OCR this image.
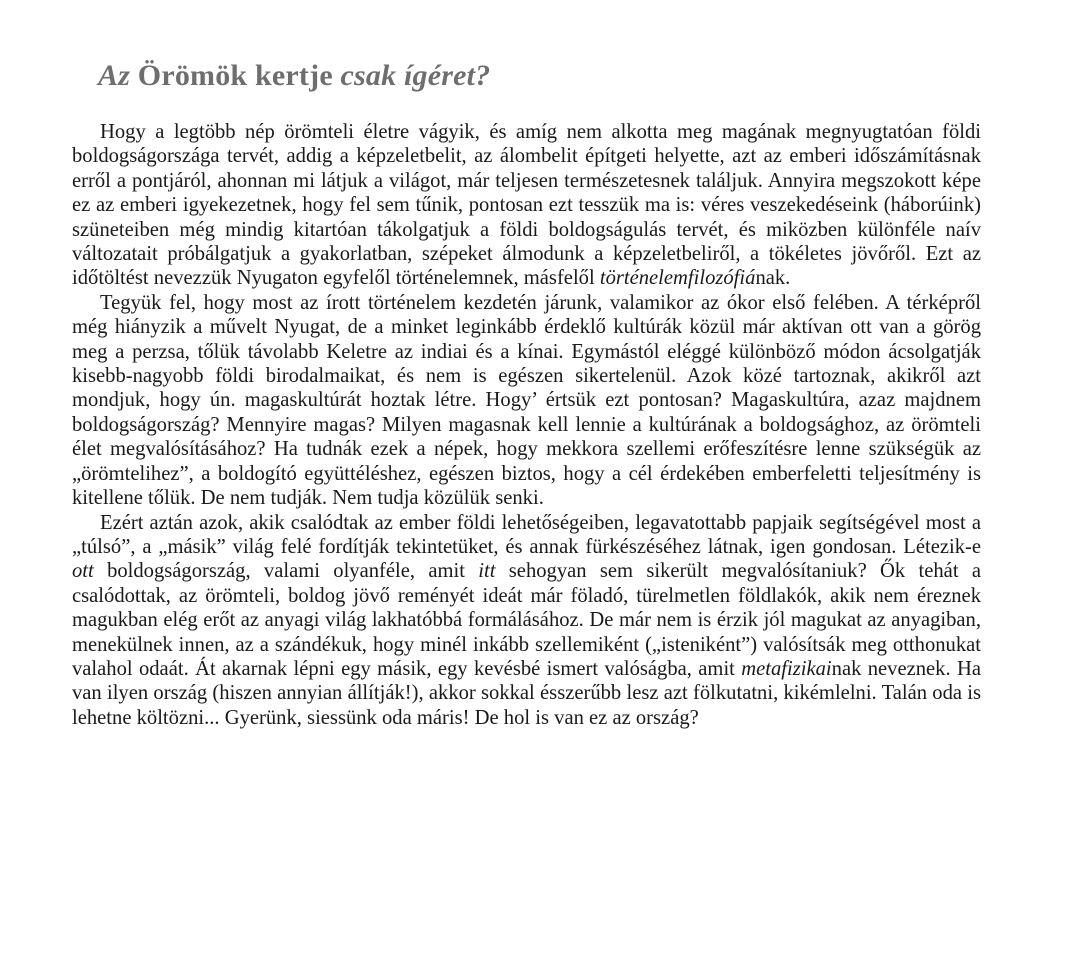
Az Örömök kertje csak ígéret?

Hogy a legtöbb nép örömteli életre vágyik, és amíg nem alkotta meg magának megnyugtatóan földi boldogságországa tervét, addig a képzeletbelit, az álombelit építgeti helyette, azt az emberi időszámításnak erről a pontjáról, ahonnan mi látjuk a világot, már teljesen természetesnek találjuk. Annyira megszokott képe ez az emberi igyekezetnek, hogy fel sem tűnik, pontosan ezt tesszük ma is: véres veszekedéseink (háborúink) szüneteiben még mindig kitartóan tákolgatjuk a földi boldogságulás tervét, és miközben különféle naív változatait próbálgatjuk a gyakorlatban, szépeket álmodunk a képzeletbeliről, a tökéletes jövőről. Ezt az időtöltést nevezzük Nyugaton egyfelől történelemnek, másfelől történelemfilozófiának.

Tegyük fel, hogy most az írott történelem kezdetén járunk, valamikor az ókor első felében. A térképről még hiányzik a művelt Nyugat, de a minket leginkább érdeklő kultúrák közül már aktívan ott van a görög meg a perzsa, tőlük távolabb Keletre az indiai és a kínai. Egymástól eléggé különböző módon ácsolgatják kisebb-nagyobb földi birodalmaikat, és nem is egészen sikertelenül. Azok közé tartoznak, akikről azt mondjuk, hogy ún. magaskultúrát hoztak létre. Hogy’ értsük ezt pontosan? Magaskultúra, azaz majdnem boldogságország? Mennyire magas? Milyen magasnak kell lennie a kultúrának a boldogsághoz, az örömteli élet megvalósításához? Ha tudnák ezek a népek, hogy mekkora szellemi erőfeszítésre lenne szükségük az „örömtelihez”, a boldogító együttéléshez, egészen biztos, hogy a cél érdekében emberfeletti teljesítmény is kitellene tőlük. De nem tudják. Nem tudja közülük senki.

Ezért aztán azok, akik csalódtak az ember földi lehetőségeiben, legavatottabb papjaik segítségével most a „túlsó”, a „másik” világ felé fordítják tekintetüket, és annak fürkészéséhez látnak, igen gondosan. Létezik-e ott boldogságország, valami olyanféle, amit itt sehogyan sem sikerült megvalósítaniuk? Ők tehát a csalódottak, az örömteli, boldog jövő reményét ideát már föladó, türelmetlen földlakók, akik nem éreznek magukban elég erőt az anyagi világ lakhatóbbá formálásához. De már nem is érzik jól magukat az anyagiban, menekülnek innen, az a szándékuk, hogy minél inkább szellemiként („isteniként”) valósítsák meg otthonukat valahol odaát. Át akarnak lépni egy másik, egy kevésbé ismert valóságba, amit metafizikainak neveznek. Ha van ilyen ország (hiszen annyian állítják!), akkor sokkal ésszerűbb lesz azt fölkutatni, kikémlelni. Talán oda is lehetne költözni... Gyerünk, siessünk oda máris! De hol is van ez az ország?
